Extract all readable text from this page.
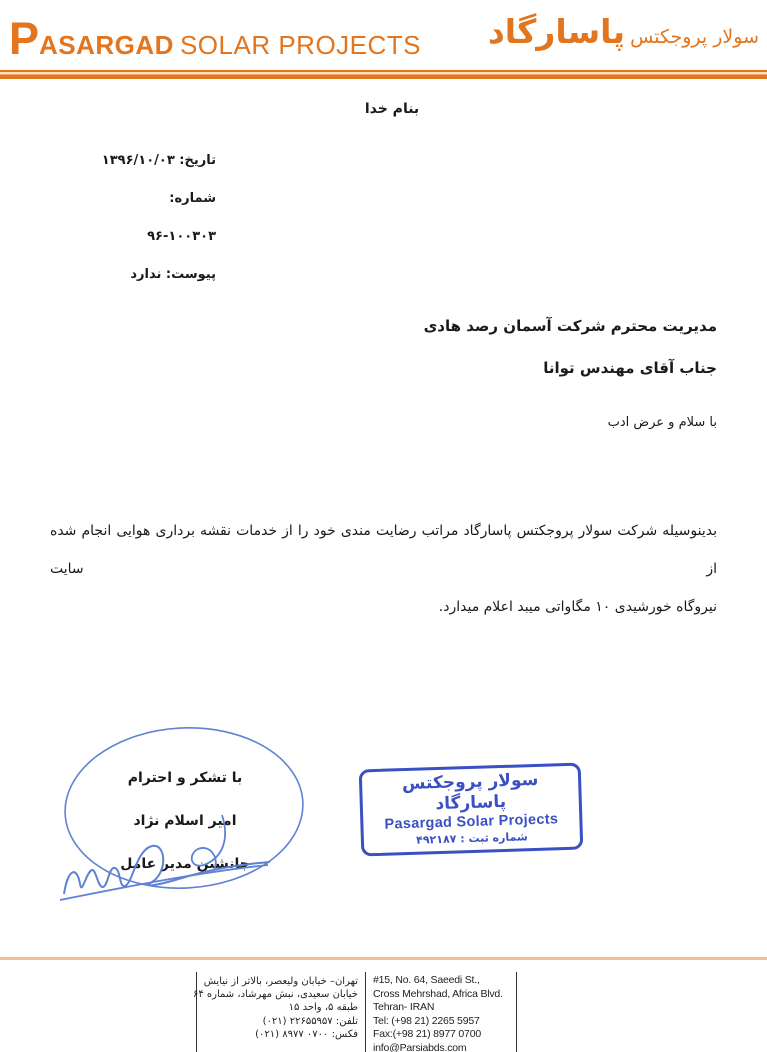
PASARGAD SOLAR PROJECTS	سولار پروجکتس پاسارگاد
بنام خدا
تاریخ: ۱۳۹۶/۱۰/۰۳
شماره:
۹۶-۱۰۰۳۰۳
پیوست: ندارد
مدیریت محترم شرکت آسمان رصد هادی
جناب آقای مهندس توانا
با سلام و عرض ادب
بدینوسیله شرکت سولار پروجکتس پاسارگاد مراتب رضایت مندی خود را از خدمات نقشه برداری هوایی انجام شده از سایت
نیروگاه خورشیدی ۱۰ مگاواتی میبد اعلام میدارد.
با تشکر و احترام
امیر اسلام نژاد
جانشین مدیر عامل
سولار پروجکتس پاسارگاد
Pasargad Solar Projects
شماره ثبت : ۴۹۲۱۸۷
تهران– خیابان ولیعصر، بالاتر از نیایش
خیابان سعیدی، نبش مهرشاد، شماره ۶۴
طبقه ۵، واحد ۱۵
تلفن: ۲۲۶۵۵۹۵۷ (۰۲۱)
فکس: ۸۹۷۷ ۰۷۰۰ (۰۲۱)
#15, No. 64, Saeedi St.,
Cross Mehrshad, Africa Blvd.
Tehran- IRAN
Tel: (+98 21) 2265 5957
Fax:(+98 21) 8977 0700
info@Parsiabds.com
